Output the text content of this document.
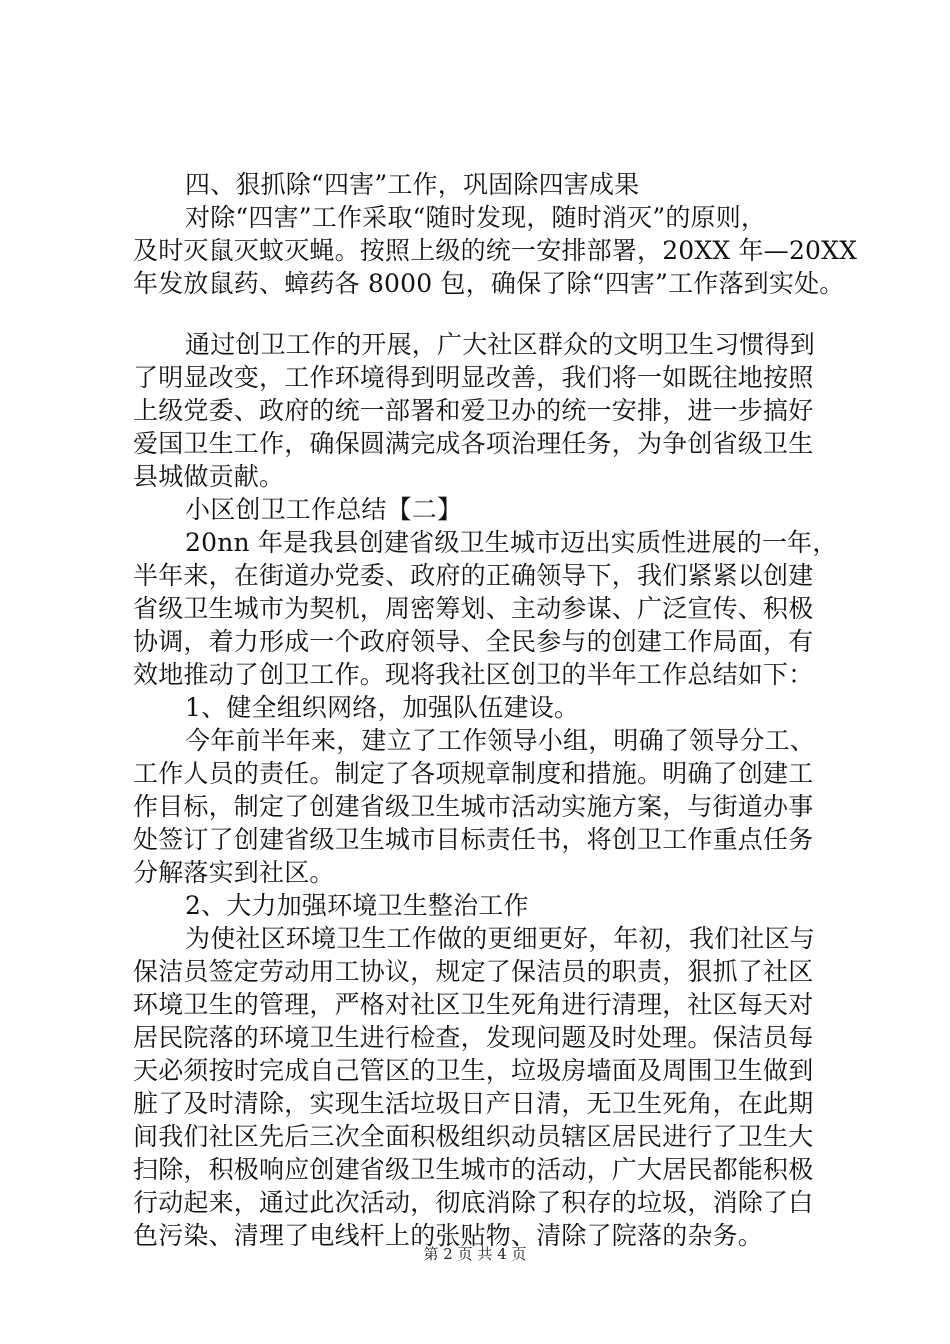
四、狠抓除“四害”工作，巩固除四害成果
对除“四害”工作采取“随时发现，随时消灭”的原则，
及时灭鼠灭蚊灭蝇。按照上级的统一安排部署，20XX 年—20XX
年发放鼠药、蟑药各 8000 包，确保了除“四害”工作落到实处。
通过创卫工作的开展，广大社区群众的文明卫生习惯得到
了明显改变，工作环境得到明显改善，我们将一如既往地按照
上级党委、政府的统一部署和爱卫办的统一安排，进一步搞好
爱国卫生工作，确保圆满完成各项治理任务，为争创省级卫生
县城做贡献。
小区创卫工作总结【二】
20nn 年是我县创建省级卫生城市迈出实质性进展的一年，
半年来，在街道办党委、政府的正确领导下，我们紧紧以创建
省级卫生城市为契机，周密筹划、主动参谋、广泛宣传、积极
协调，着力形成一个政府领导、全民参与的创建工作局面，有
效地推动了创卫工作。现将我社区创卫的半年工作总结如下：
1、健全组织网络，加强队伍建设。
今年前半年来，建立了工作领导小组，明确了领导分工、
工作人员的责任。制定了各项规章制度和措施。明确了创建工
作目标，制定了创建省级卫生城市活动实施方案，与街道办事
处签订了创建省级卫生城市目标责任书，将创卫工作重点任务
分解落实到社区。
2、大力加强环境卫生整治工作
为使社区环境卫生工作做的更细更好，年初，我们社区与
保洁员签定劳动用工协议，规定了保洁员的职责，狠抓了社区
环境卫生的管理，严格对社区卫生死角进行清理，社区每天对
居民院落的环境卫生进行检查，发现问题及时处理。保洁员每
天必须按时完成自己管区的卫生，垃圾房墙面及周围卫生做到
脏了及时清除，实现生活垃圾日产日清，无卫生死角，在此期
间我们社区先后三次全面积极组织动员辖区居民进行了卫生大
扫除，积极响应创建省级卫生城市的活动，广大居民都能积极
行动起来，通过此次活动，彻底消除了积存的垃圾，消除了白
色污染、清理了电线杆上的张贴物、清除了院落的杂务。
第 2 页 共 4 页
